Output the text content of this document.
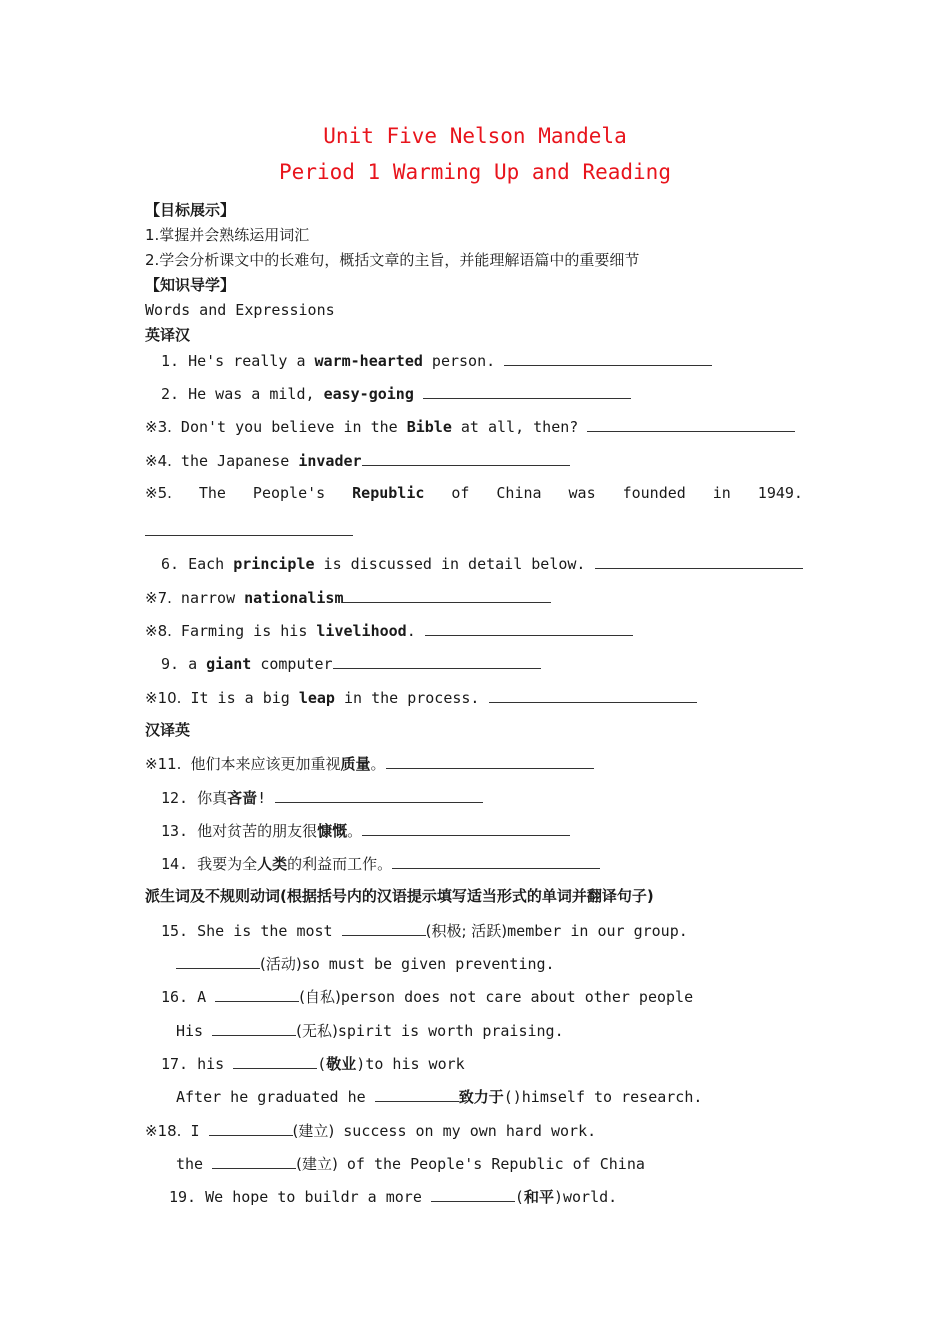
Unit Five Nelson Mandela
Period 1 Warming Up and Reading
【目标展示】
1.掌握并会熟练运用词汇
2.学会分析课文中的长难句，概括文章的主旨，并能理解语篇中的重要细节
【知识导学】
Words and Expressions
英译汉
1. He's really a warm-hearted person.
2. He was a mild, easy-going
※3. Don't you believe in the Bible at all, then?
※4. the Japanese invader
※5. The People's Republic of China was founded in 1949.
6. Each principle is discussed in detail below.
※7. narrow nationalism
※8. Farming is his livelihood.
9. a giant computer
※10. It is a big leap in the process.
汉译英
※11. 他们本来应该更加重视质量。
12. 你真吝啬!
13. 他对贫苦的朋友很慷慨。
14. 我要为全人类的利益而工作。
派生词及不规则动词(根据括号内的汉语提示填写适当形式的单词并翻译句子)
15. She is the most	(积极; 活跃)member in our group.
(活动)so must be given preventing.
16. A	(自私)person does not care about other people
His	(无私)spirit is worth praising.
17. his	(敬业)to his work
After he graduated he	致力于()himself to research.
※18. I	(建立) success on my own hard work.
the	(建立) of the People's Republic of China
19. We hope to buildr a more	(和平)world.
